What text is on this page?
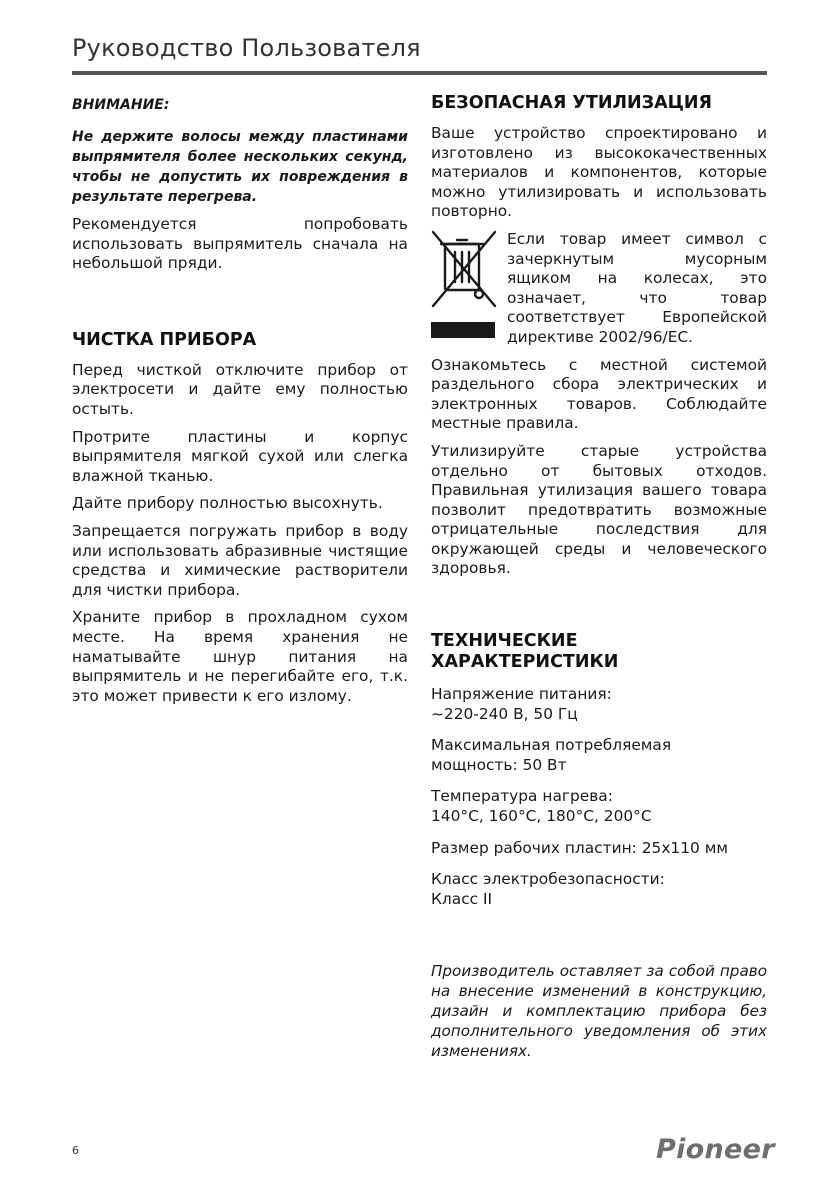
Руководство Пользователя
ВНИМАНИЕ:

Не держите волосы между пластинами выпрямителя более нескольких секунд, чтобы не допустить их повреждения в результате перегрева.

Рекомендуется попробовать использовать выпрямитель сначала на небольшой пряди.

ЧИСТКА ПРИБОРА

Перед чисткой отключите прибор от электросети и дайте ему полностью остыть.

Протрите пластины и корпус выпрямителя мягкой сухой или слегка влажной тканью.

Дайте прибору полностью высохнуть.

Запрещается погружать прибор в воду или использовать абразивные чистящие средства и химические растворители для чистки прибора.

Храните прибор в прохладном сухом месте. На время хранения не наматывайте шнур питания на выпрямитель и не перегибайте его, т.к. это может привести к его излому.

БЕЗОПАСНАЯ УТИЛИЗАЦИЯ

Ваше устройство спроектировано и изготовлено из высококачественных материалов и компонентов, которые можно утилизировать и использовать повторно.

Если товар имеет символ с зачеркнутым мусорным ящиком на колесах, это означает, что товар соответствует Европейской директиве 2002/96/EC.

Ознакомьтесь с местной системой раздельного сбора электрических и электронных товаров. Соблюдайте местные правила.

Утилизируйте старые устройства отдельно от бытовых отходов. Правильная утилизация вашего товара позволит предотвратить возможные отрицательные последствия для окружающей среды и человеческого здоровья.

ТЕХНИЧЕСКИЕ
ХАРАКТЕРИСТИКИ

Напряжение питания:
~220-240 В, 50 Гц

Максимальная потребляемая
мощность: 50 Вт

Температура нагрева:
140°C, 160°C, 180°C, 200°C

Размер рабочих пластин: 25x110 мм

Класс электробезопасности:
Класс II

Производитель оставляет за собой право на внесение изменений в конструкцию, дизайн и комплектацию прибора без дополнительного уведомления об этих изменениях.

6	Pioneer
